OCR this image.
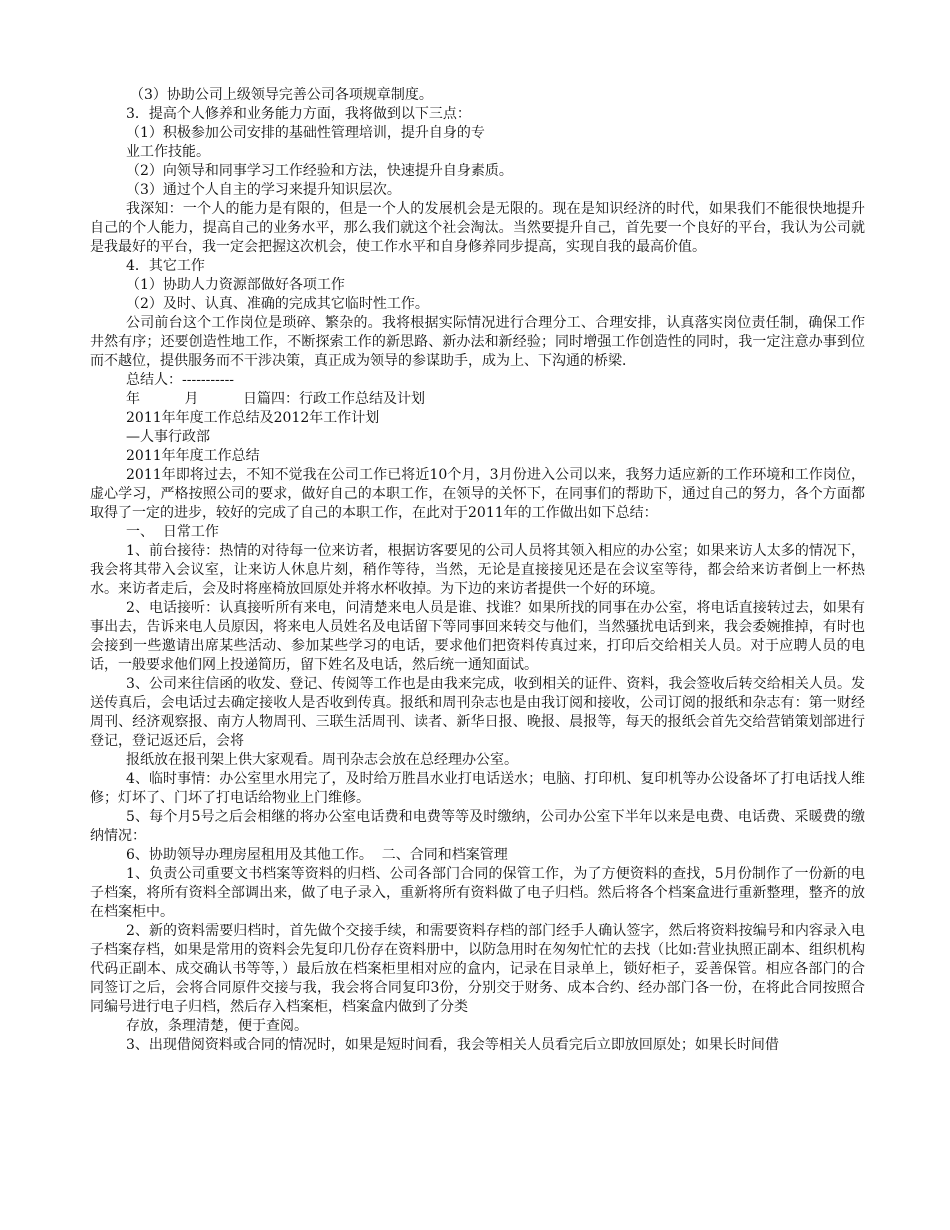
（3）协助公司上级领导完善公司各项规章制度。

3．提高个人修养和业务能力方面，我将做到以下三点：

（1）积极参加公司安排的基础性管理培训，提升自身的专

业工作技能。

（2）向领导和同事学习工作经验和方法，快速提升自身素质。

（3）通过个人自主的学习来提升知识层次。

我深知：一个人的能力是有限的，但是一个人的发展机会是无限的。现在是知识经济的时代，如果我们不能很快地提升自己的个人能力，提高自己的业务水平，那么我们就这个社会淘汰。当然要提升自己，首先要一个良好的平台，我认为公司就是我最好的平台，我一定会把握这次机会，使工作水平和自身修养同步提高，实现自我的最高价值。

4．其它工作

（1）协助人力资源部做好各项工作

（2）及时、认真、准确的完成其它临时性工作。

公司前台这个工作岗位是琐碎、繁杂的。我将根据实际情况进行合理分工、合理安排，认真落实岗位责任制，确保工作井然有序；还要创造性地工作，不断探索工作的新思路、新办法和新经验；同时增强工作创造性的同时，我一定注意办事到位而不越位，提供服务而不干涉决策，真正成为领导的参谋助手，成为上、下沟通的桥梁．

总结人：-----------

年          月          日篇四：行政工作总结及计划

2011年年度工作总结及2012年工作计划

—人事行政部

2011年年度工作总结

2011年即将过去，不知不觉我在公司工作已将近10个月，3月份进入公司以来，我努力适应新的工作环境和工作岗位，虚心学习，严格按照公司的要求，做好自己的本职工作，在领导的关怀下，在同事们的帮助下，通过自己的努力，各个方面都取得了一定的进步，较好的完成了自己的本职工作，在此对于2011年的工作做出如下总结：

一、  日常工作

1、前台接待：热情的对待每一位来访者，根据访客要见的公司人员将其领入相应的办公室；如果来访人太多的情况下，我会将其带入会议室，让来访人休息片刻，稍作等待，当然，无论是直接接见还是在会议室等待，都会给来访者倒上一杯热水。来访者走后，会及时将座椅放回原处并将水杯收掉。为下边的来访者提供一个好的环境。

2、电话接听：认真接听所有来电，问清楚来电人员是谁、找谁？如果所找的同事在办公室，将电话直接转过去，如果有事出去，告诉来电人员原因，将来电人员姓名及电话留下等同事回来转交与他们，当然骚扰电话到来，我会委婉推掉，有时也会接到一些邀请出席某些活动、参加某些学习的电话，要求他们把资料传真过来，打印后交给相关人员。对于应聘人员的电话，一般要求他们网上投递简历，留下姓名及电话，然后统一通知面试。

3、公司来往信函的收发、登记、传阅等工作也是由我来完成，收到相关的证件、资料，我会签收后转交给相关人员。发送传真后，会电话过去确定接收人是否收到传真。报纸和周刊杂志也是由我订阅和接收，公司订阅的报纸和杂志有：第一财经周刊、经济观察报、南方人物周刊、三联生活周刊、读者、新华日报、晚报、晨报等，每天的报纸会首先交给营销策划部进行登记，登记返还后，会将

报纸放在报刊架上供大家观看。周刊杂志会放在总经理办公室。

4、临时事情：办公室里水用完了，及时给万胜昌水业打电话送水；电脑、打印机、复印机等办公设备坏了打电话找人维修；灯坏了、门坏了打电话给物业上门维修。

5、每个月5号之后会相继的将办公室电话费和电费等等及时缴纳，公司办公室下半年以来是电费、电话费、采暖费的缴纳情况：

6、协助领导办理房屋租用及其他工作。  二、合同和档案管理

1、负责公司重要文书档案等资料的归档、公司各部门合同的保管工作，为了方便资料的查找，5月份制作了一份新的电子档案，将所有资料全部调出来，做了电子录入，重新将所有资料做了电子归档。然后将各个档案盒进行重新整理，整齐的放在档案柜中。

2、新的资料需要归档时，首先做个交接手续，和需要资料存档的部门经手人确认签字，然后将资料按编号和内容录入电子档案存档，如果是常用的资料会先复印几份存在资料册中，以防急用时在匆匆忙忙的去找（比如:营业执照正副本、组织机构代码正副本、成交确认书等等，）最后放在档案柜里相对应的盒内，记录在目录单上，锁好柜子，妥善保管。相应各部门的合同签订之后，会将合同原件交接与我，我会将合同复印3份，分别交于财务、成本合约、经办部门各一份，在将此合同按照合同编号进行电子归档，然后存入档案柜，档案盒内做到了分类

存放，条理清楚，便于查阅。

3、出现借阅资料或合同的情况时，如果是短时间看，我会等相关人员看完后立即放回原处；如果长时间借
